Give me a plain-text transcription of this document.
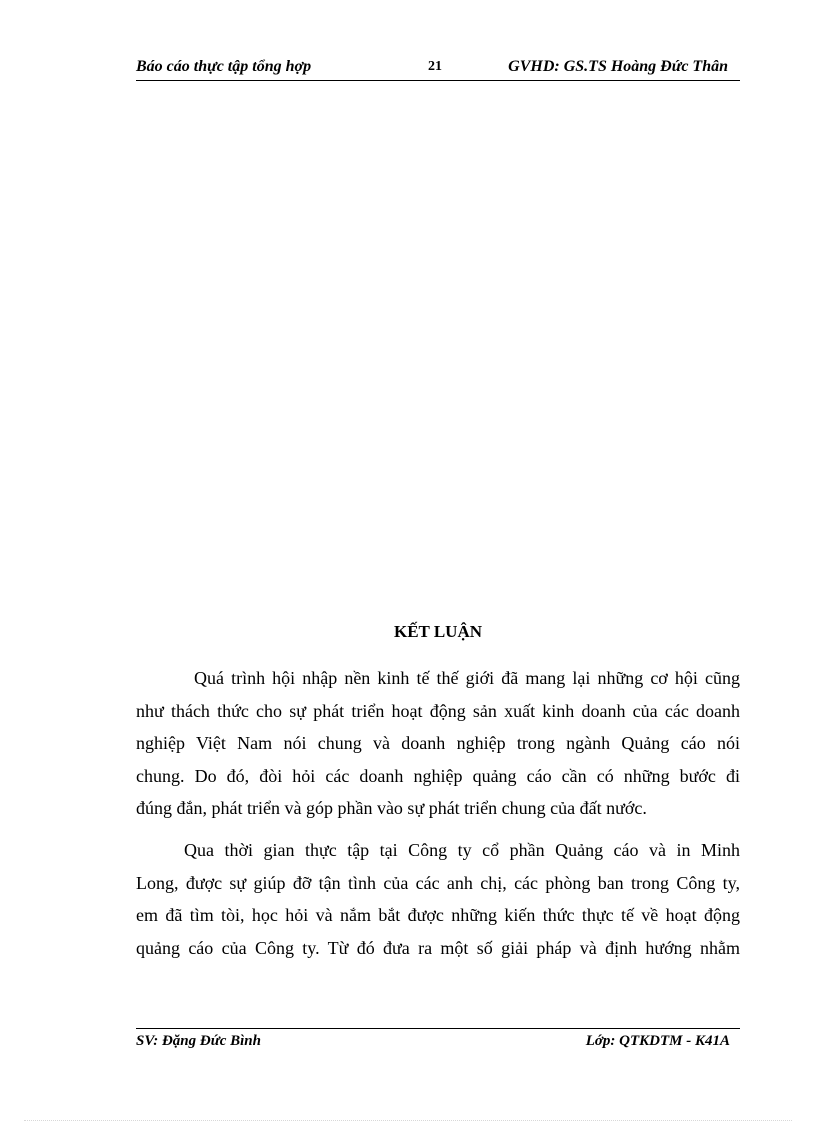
Báo cáo thực tập tổng hợp	21	GVHD: GS.TS Hoàng Đức Thân
KẾT LUẬN
Quá trình hội nhập nền kinh tế thế giới đã mang lại những cơ hội cũng
như thách thức cho sự phát triển hoạt động sản xuất kinh doanh của các doanh
nghiệp Việt Nam nói chung và doanh nghiệp trong ngành Quảng cáo nói
chung. Do đó, đòi hỏi các doanh nghiệp quảng cáo cần có những bước đi
đúng đắn, phát triển và góp phần vào sự phát triển chung của đất nước.
Qua thời gian thực tập tại Công ty cổ phần Quảng cáo và in Minh
Long, được sự giúp đỡ tận tình của các anh chị, các phòng ban trong Công ty,
em đã tìm tòi, học hỏi và nắm bắt được những kiến thức thực tế về hoạt động
quảng cáo của Công ty. Từ đó đưa ra một số giải pháp và định hướng nhằm
SV: Đặng Đức Bình	Lớp: QTKDTM - K41A
